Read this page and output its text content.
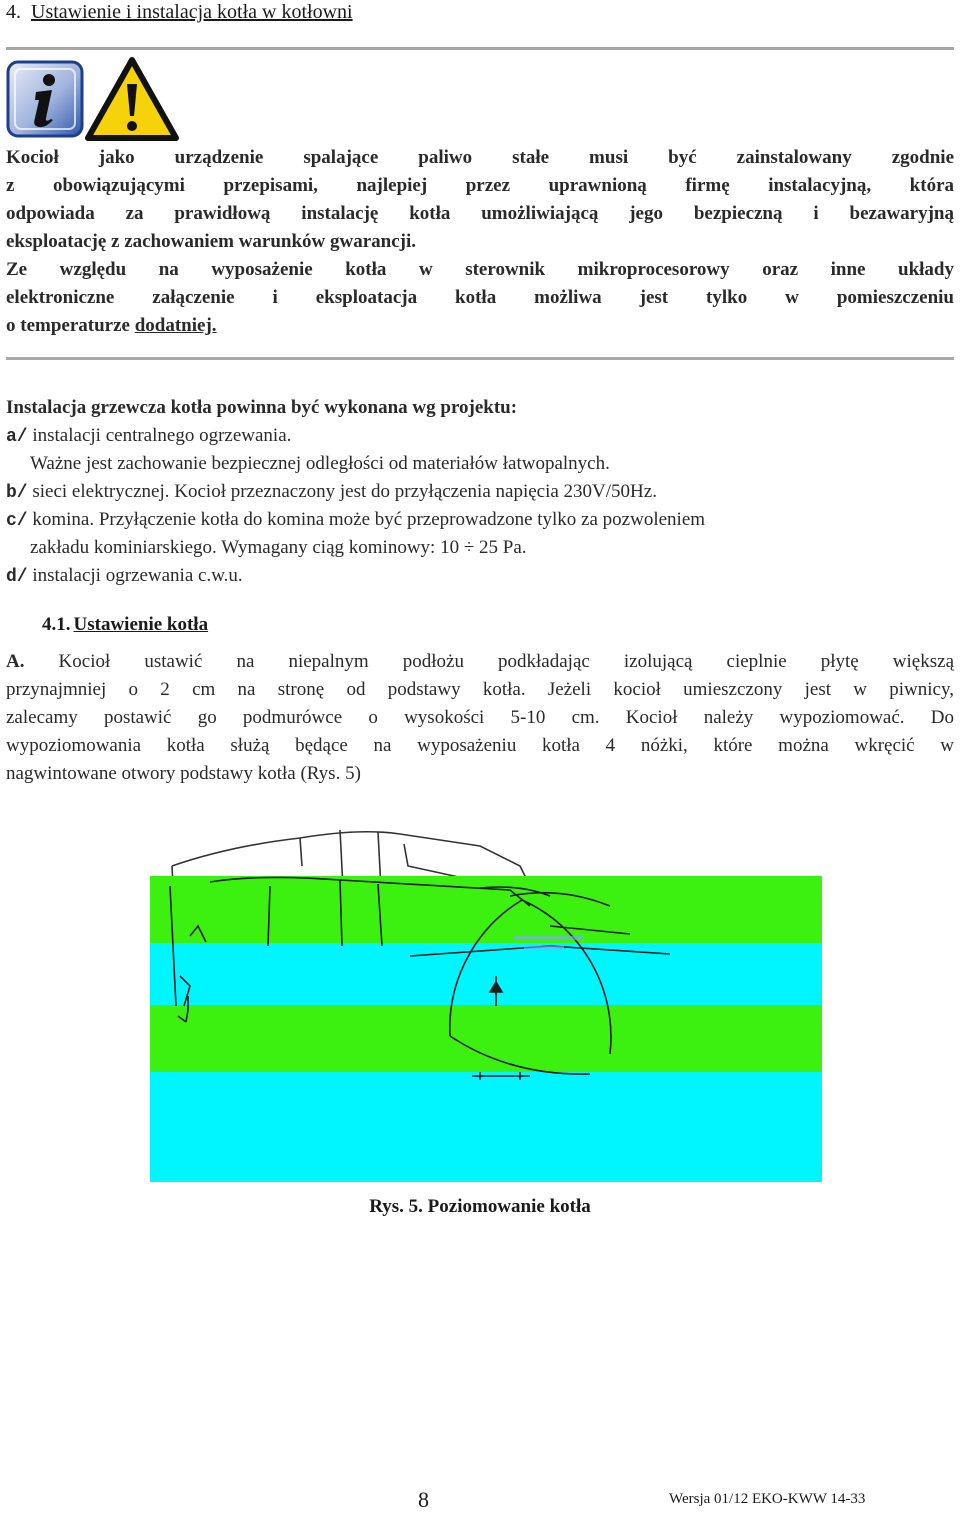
4. Ustawienie i instalacja kotła w kotłowni
Kocioł jako urządzenie spalające paliwo stałe musi być zainstalowany zgodnie
z obowiązującymi przepisami, najlepiej przez uprawnioną firmę instalacyjną, która
odpowiada za prawidłową instalację kotła umożliwiającą jego bezpieczną i bezawaryjną
eksploatację z zachowaniem warunków gwarancji.
Ze względu na wyposażenie kotła w sterownik mikroprocesorowy oraz inne układy
elektroniczne załączenie i eksploatacja kotła możliwa jest tylko w pomieszczeniu
o temperaturze dodatniej.
Instalacja grzewcza kotła powinna być wykonana wg projektu:
a/ instalacji centralnego ogrzewania.
Ważne jest zachowanie bezpiecznej odległości od materiałów łatwopalnych.
b/ sieci elektrycznej. Kocioł przeznaczony jest do przyłączenia napięcia 230V/50Hz.
c/ komina. Przyłączenie kotła do komina może być przeprowadzone tylko za pozwoleniem
zakładu kominiarskiego. Wymagany ciąg kominowy: 10 ÷ 25 Pa.
d/ instalacji ogrzewania c.w.u.
4.1. Ustawienie kotła
A. Kocioł ustawić na niepalnym podłożu podkładając izolującą cieplnie płytę większą
przynajmniej o 2 cm na stronę od podstawy kotła. Jeżeli kocioł umieszczony jest w piwnicy,
zalecamy postawić go podmurówce o wysokości 5-10 cm. Kocioł należy wypoziomować. Do
wypoziomowania kotła służą będące na wyposażeniu kotła 4 nóżki, które można wkręcić w
nagwintowane otwory podstawy kotła (Rys. 5)
Rys. 5. Poziomowanie kotła
8	Wersja 01/12 EKO-KWW 14-33
